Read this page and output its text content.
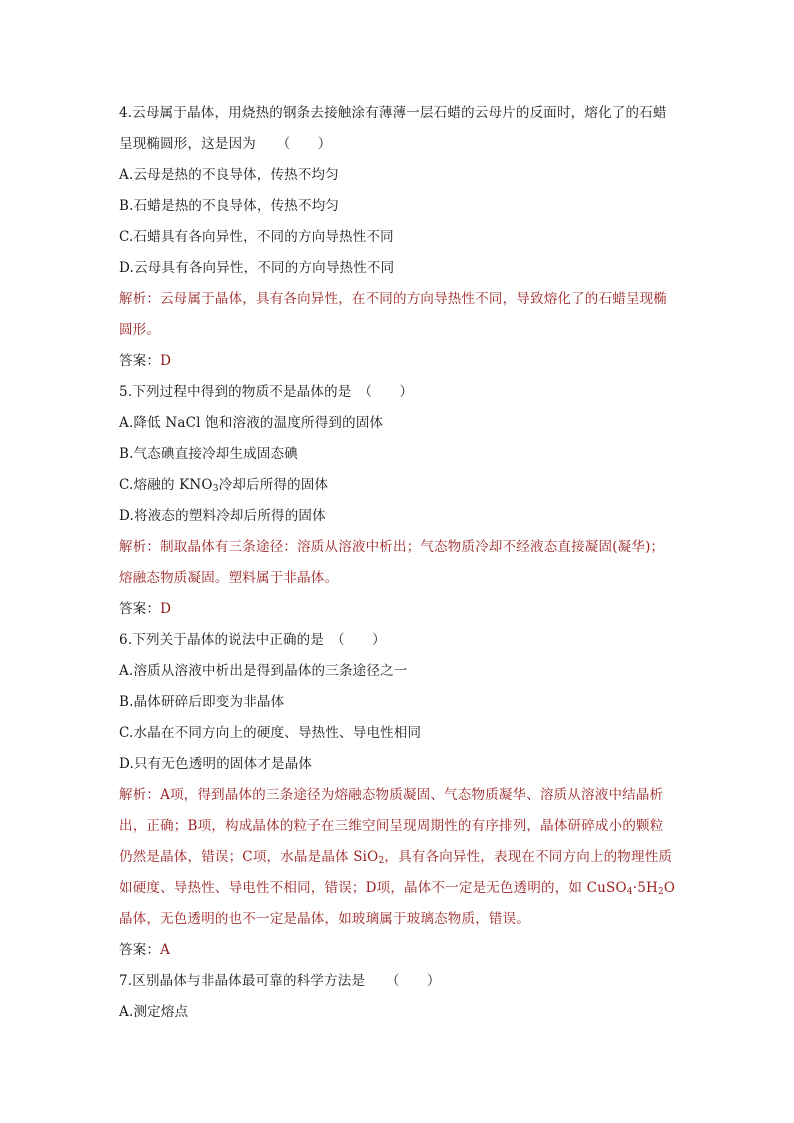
4.云母属于晶体，用烧热的钢条去接触涂有薄薄一层石蜡的云母片的反面时，熔化了的石蜡
呈现椭圆形，这是因为　　（　　）
A.云母是热的不良导体，传热不均匀
B.石蜡是热的不良导体，传热不均匀
C.石蜡具有各向异性，不同的方向导热性不同
D.云母具有各向异性，不同的方向导热性不同
解析：云母属于晶体，具有各向异性，在不同的方向导热性不同，导致熔化了的石蜡呈现椭
圆形。
答案：D
5.下列过程中得到的物质不是晶体的是　（　　）
A.降低 NaCl 饱和溶液的温度所得到的固体
B.气态碘直接冷却生成固态碘
C.熔融的 $KNO_3$冷却后所得的固体
D.将液态的塑料冷却后所得的固体
解析：制取晶体有三条途径：溶质从溶液中析出；气态物质冷却不经液态直接凝固(凝华)；
熔融态物质凝固。塑料属于非晶体。
答案：D
6.下列关于晶体的说法中正确的是　（　　）
A.溶质从溶液中析出是得到晶体的三条途径之一
B.晶体研碎后即变为非晶体
C.水晶在不同方向上的硬度、导热性、导电性相同
D.只有无色透明的固体才是晶体
解析：A项，得到晶体的三条途径为熔融态物质凝固、气态物质凝华、溶质从溶液中结晶析
出，正确；B项，构成晶体的粒子在三维空间呈现周期性的有序排列，晶体研碎成小的颗粒
仍然是晶体，错误；C项，水晶是晶体 SiO$_2$，具有各向异性，表现在不同方向上的物理性质
如硬度、导热性、导电性不相同，错误；D项，晶体不一定是无色透明的，如 $CuSO_4\cdot 5H_2O$
晶体，无色透明的也不一定是晶体，如玻璃属于玻璃态物质，错误。
答案：A
7.区别晶体与非晶体最可靠的科学方法是　　（　　）
A.测定熔点
